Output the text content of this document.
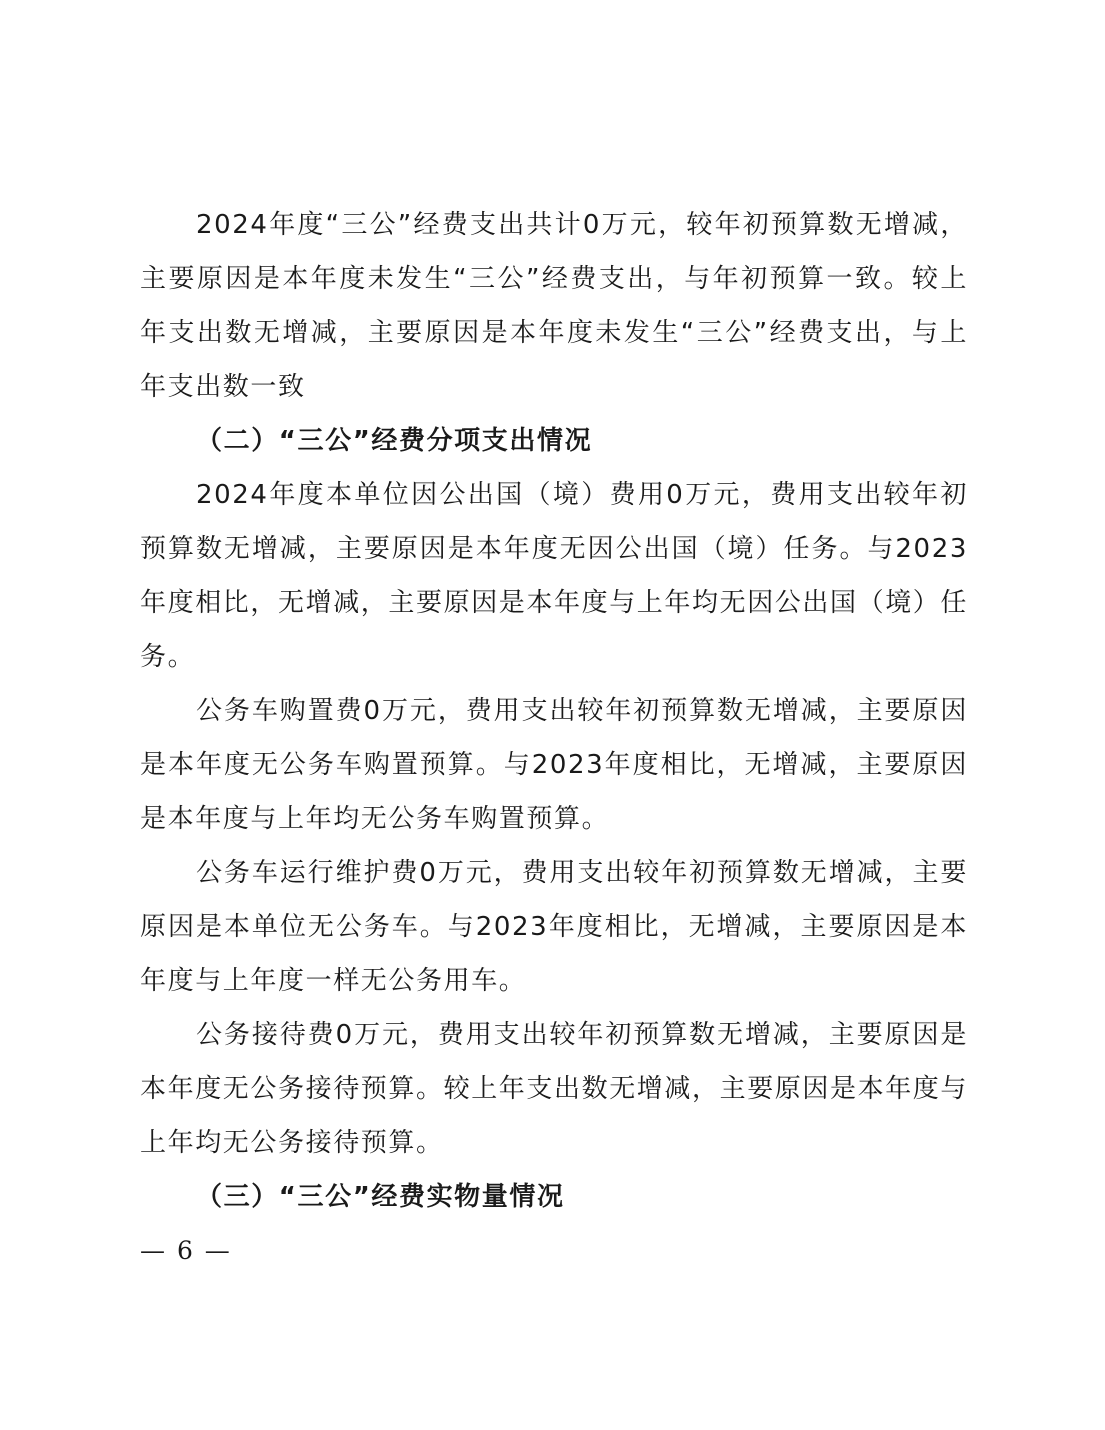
2024年度“三公”经费支出共计0万元，较年初预算数无增减，主要原因是本年度未发生“三公”经费支出，与年初预算一致。较上年支出数无增减，主要原因是本年度未发生“三公”经费支出，与上年支出数一致

（二）“三公”经费分项支出情况

2024年度本单位因公出国（境）费用0万元，费用支出较年初预算数无增减，主要原因是本年度无因公出国（境）任务。与2023年度相比，无增减，主要原因是本年度与上年均无因公出国（境）任务。

公务车购置费0万元，费用支出较年初预算数无增减，主要原因是本年度无公务车购置预算。与2023年度相比，无增减，主要原因是本年度与上年均无公务车购置预算。

公务车运行维护费0万元，费用支出较年初预算数无增减，主要原因是本单位无公务车。与2023年度相比，无增减，主要原因是本年度与上年度一样无公务用车。

公务接待费0万元，费用支出较年初预算数无增减，主要原因是本年度无公务接待预算。较上年支出数无增减，主要原因是本年度与上年均无公务接待预算。

（三）“三公”经费实物量情况

— 6 —
